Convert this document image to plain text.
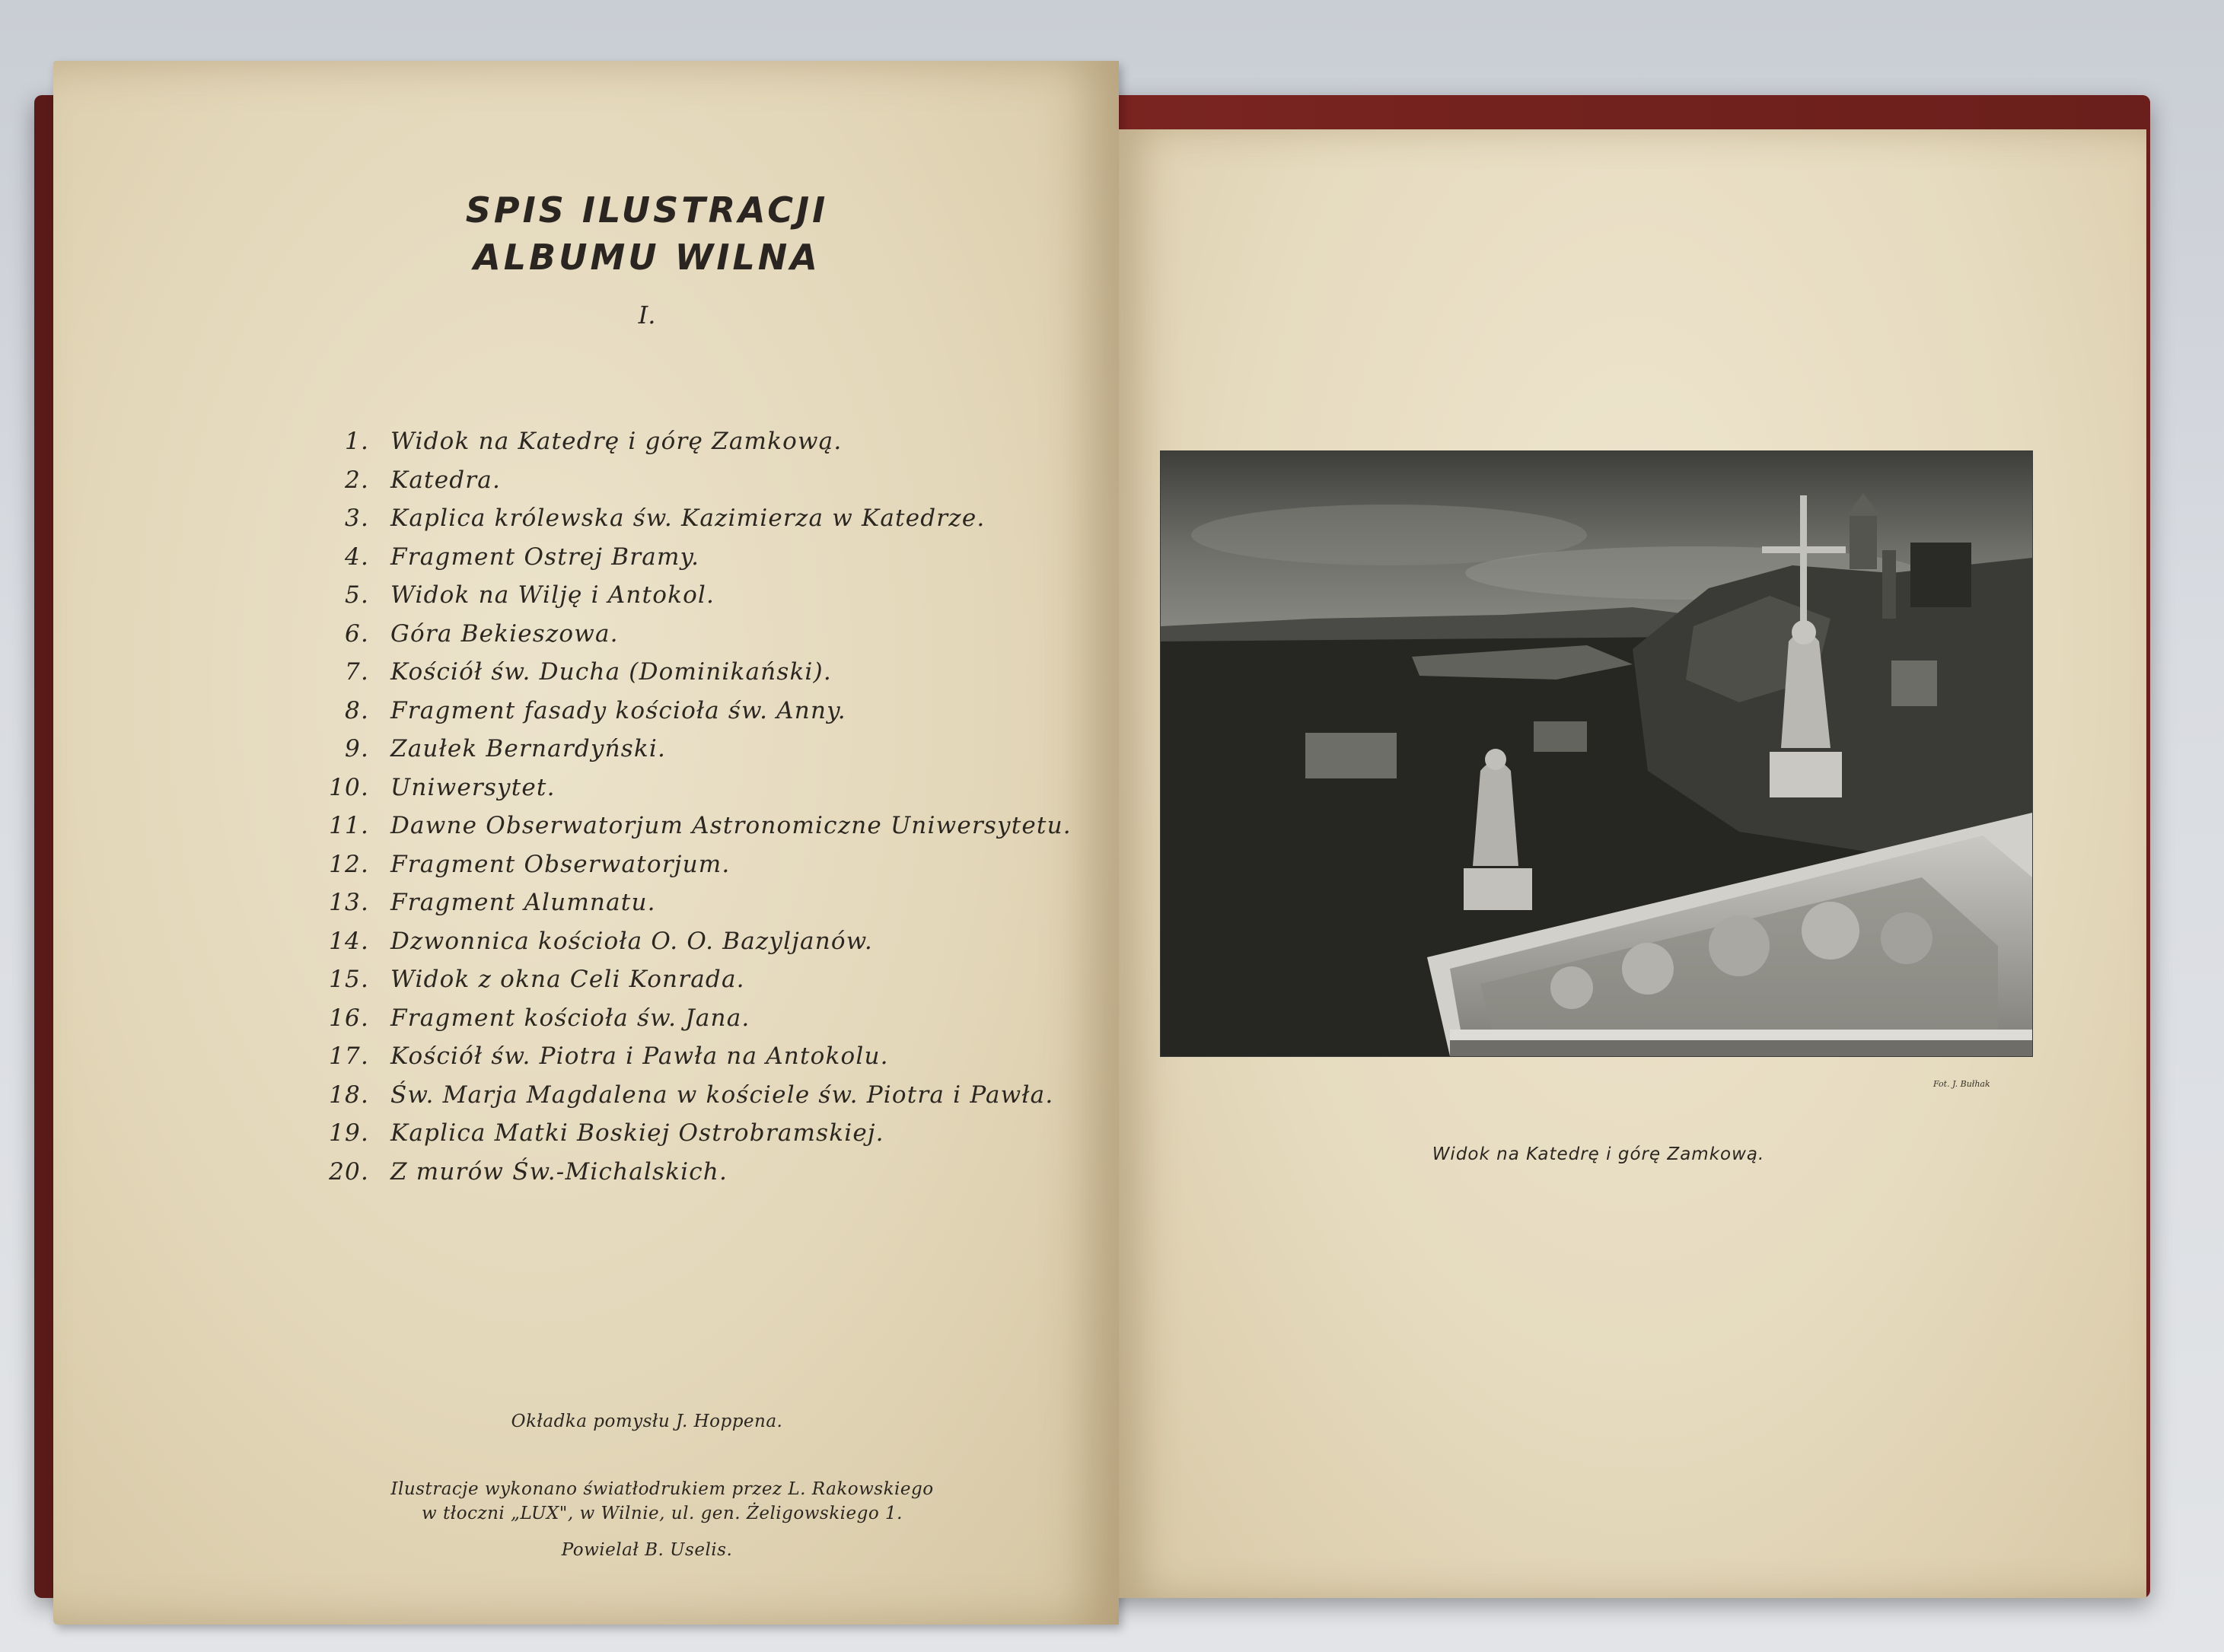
SPIS ILUSTRACJI
ALBUMU WILNA
I.
1. Widok na Katedrę i górę Zamkową.
2. Katedra.
3. Kaplica królewska św. Kazimierza w Katedrze.
4. Fragment Ostrej Bramy.
5. Widok na Wilję i Antokol.
6. Góra Bekieszowa.
7. Kościół św. Ducha (Dominikański).
8. Fragment fasady kościoła św. Anny.
9. Zaułek Bernardyński.
10. Uniwersytet.
11. Dawne Obserwatorjum Astronomiczne Uniwersytetu.
12. Fragment Obserwatorjum.
13. Fragment Alumnatu.
14. Dzwonnica kościoła O. O. Bazyljanów.
15. Widok z okna Celi Konrada.
16. Fragment kościoła św. Jana.
17. Kościół św. Piotra i Pawła na Antokolu.
18. Św. Marja Magdalena w kościele św. Piotra i Pawła.
19. Kaplica Matki Boskiej Ostrobramskiej.
20. Z murów Św.-Michalskich.
Okładka pomysłu J. Hoppena.
Ilustracje wykonano światłodrukiem przez L. Rakowskiego
w tłoczni „LUX", w Wilnie, ul. gen. Żeligowskiego 1.
Powielał B. Uselis.
Fot. J. Bułhak
Widok na Katedrę i górę Zamkową.
